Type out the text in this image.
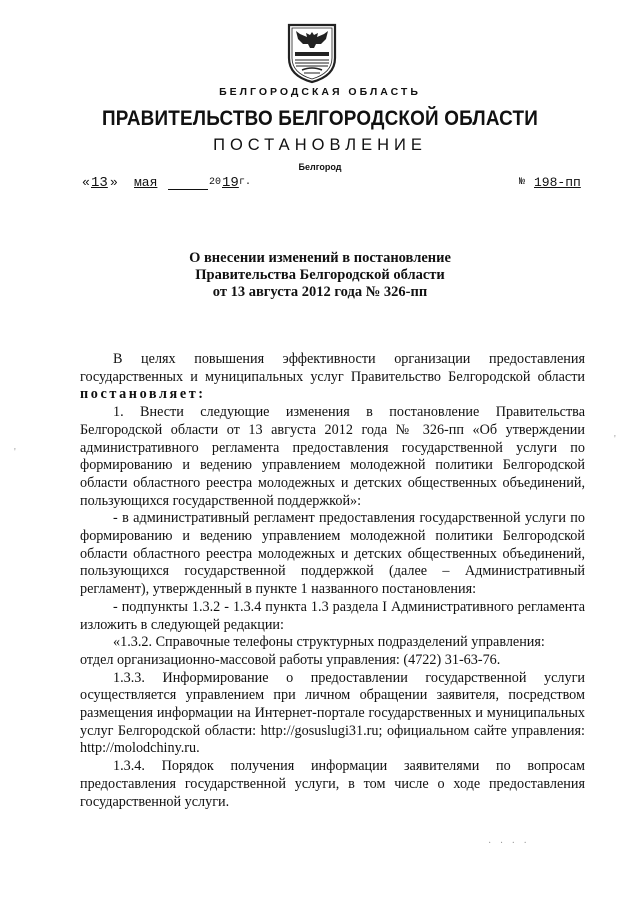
БЕЛГОРОДСКАЯ ОБЛАСТЬ
ПРАВИТЕЛЬСТВО БЕЛГОРОДСКОЙ ОБЛАСТИ
ПОСТАНОВЛЕНИЕ
Белгород
« 13 » мая	20 19 г.	№ 198-пп
О внесении изменений в постановление
Правительства Белгородской области
от 13 августа 2012 года № 326-пп

В целях повышения эффективности организации предоставления государственных и муниципальных услуг Правительство Белгородской области

постановляет:

1. Внести следующие изменения в постановление Правительства Белгородской области от 13 августа 2012 года № 326-пп «Об утверждении административного регламента предоставления государственной услуги по формированию и ведению управлением молодежной политики Белгородской области областного реестра молодежных и детских общественных объединений, пользующихся государственной поддержкой»:

- в административный регламент предоставления государственной услуги по формированию и ведению управлением молодежной политики Белгородской области областного реестра молодежных и детских общественных объединений, пользующихся государственной поддержкой (далее – Административный регламент), утвержденный в пункте 1 названного постановления:

- подпункты 1.3.2 - 1.3.4 пункта 1.3 раздела I Административного регламента изложить в следующей редакции:

«1.3.2. Справочные телефоны структурных подразделений управления:

отдел организационно-массовой работы управления: (4722) 31-63-76.

1.3.3. Информирование о предоставлении государственной услуги осуществляется управлением при личном обращении заявителя, посредством размещения информации на Интернет-портале государственных и муниципальных услуг Белгородской области: http://gosuslugi31.ru; официальном сайте управления: http://molodchiny.ru.

1.3.4. Порядок получения информации заявителями по вопросам предоставления государственной услуги, в том числе о ходе предоставления государственной услуги.

'
'
· · · ·
